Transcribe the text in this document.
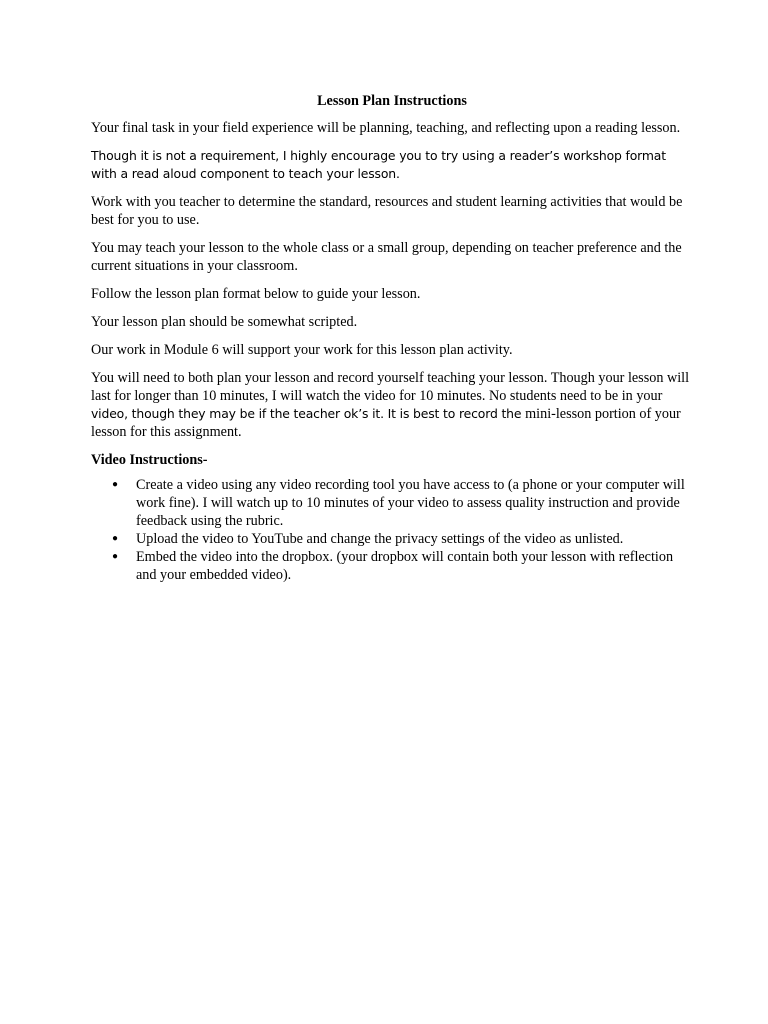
Lesson Plan Instructions

Your final task in your field experience will be planning, teaching, and reflecting upon a reading lesson.

Though it is not a requirement, I highly encourage you to try using a reader’s workshop format with a read aloud component to teach your lesson.

Work with you teacher to determine the standard, resources and student learning activities that would be best for you to use.

You may teach your lesson to the whole class or a small group, depending on teacher preference and the current situations in your classroom.

Follow the lesson plan format below to guide your lesson.

Your lesson plan should be somewhat scripted.

Our work in Module 6 will support your work for this lesson plan activity.

You will need to both plan your lesson and record yourself teaching your lesson. Though your lesson will last for longer than 10 minutes, I will watch the video for 10 minutes. No students need to be in your video, though they may be if the teacher ok’s it. It is best to record the mini-lesson portion of your lesson for this assignment.

Video Instructions-
● Create a video using any video recording tool you have access to (a phone or your computer will work fine). I will watch up to 10 minutes of your video to assess quality instruction and provide feedback using the rubric.
● Upload the video to YouTube and change the privacy settings of the video as unlisted.
● Embed the video into the dropbox. (your dropbox will contain both your lesson with reflection and your embedded video).
